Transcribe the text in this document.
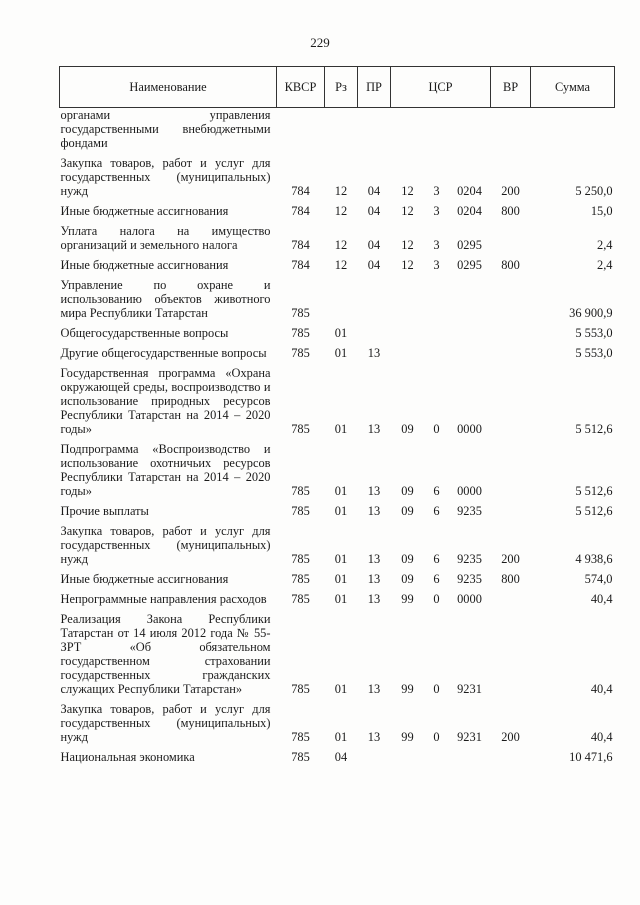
229
Наименование	КВСР	Рз	ПР	ЦСР			ВР	Сумма
органами управления государственными внебюджетными фондами								
Закупка товаров, работ и услуг для государственных (муниципальных) нужд	784	12	04	12	3	0204	200	5 250,0
Иные бюджетные ассигнования	784	12	04	12	3	0204	800	15,0
Уплата налога на имущество организаций и земельного налога	784	12	04	12	3	0295		2,4
Иные бюджетные ассигнования	784	12	04	12	3	0295	800	2,4
Управление по охране и использованию объектов животного мира Республики Татарстан	785							36 900,9
Общегосударственные вопросы	785	01						5 553,0
Другие общегосударственные вопросы	785	01	13					5 553,0
Государственная программа «Охрана окружающей среды, воспроизводство и использование природных ресурсов Республики Татарстан на 2014 – 2020 годы»	785	01	13	09	0	0000		5 512,6
Подпрограмма «Воспроизводство и использование охотничьих ресурсов Республики Татарстан на 2014 – 2020 годы»	785	01	13	09	6	0000		5 512,6
Прочие выплаты	785	01	13	09	6	9235		5 512,6
Закупка товаров, работ и услуг для государственных (муниципальных) нужд	785	01	13	09	6	9235	200	4 938,6
Иные бюджетные ассигнования	785	01	13	09	6	9235	800	574,0
Непрограммные направления расходов	785	01	13	99	0	0000		40,4
Реализация Закона Республики Татарстан от 14 июля 2012 года № 55-ЗРТ «Об обязательном государственном страховании государственных гражданских служащих Республики Татарстан»	785	01	13	99	0	9231		40,4
Закупка товаров, работ и услуг для государственных (муниципальных) нужд	785	01	13	99	0	9231	200	40,4
Национальная экономика	785	04						10 471,6
